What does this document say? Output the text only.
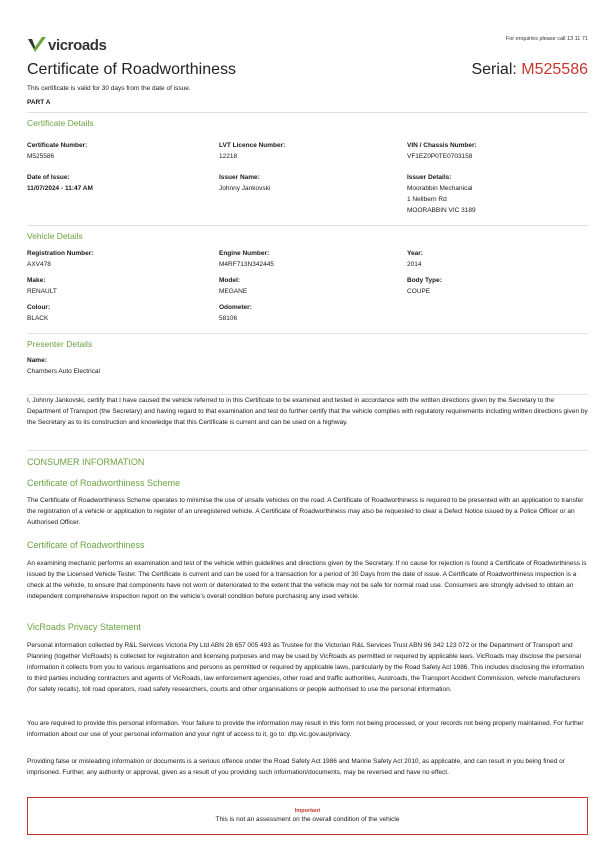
vicroads	For enquiries please call 13 11 71
Certificate of Roadworthiness	Serial: M525586
This certificate is valid for 30 days from the date of issue.
PART A
Certificate Details
Certificate Number:
M525586
LVT Licence Number:
12218
VIN / Chassis Number:
VF1EZ0P0TE0703158
Date of Issue:
11/07/2024 - 11:47 AM
Issuer Name:
Johnny Jankovski
Issuer Details:
Moorabbin Mechanical
1 Nellbern Rd
MOORABBIN VIC 3189
Vehicle Details
Registration Number:
AXV478
Engine Number:
M4RF713N342445
Year:
2014
Make:
RENAULT
Model:
MEGANE
Body Type:
COUPE
Colour:
BLACK
Odometer:
58106
Presenter Details
Name:
Chambers Auto Electrical
I, Johnny Jankovski, certify that I have caused the vehicle referred to in this Certificate to be examined and tested in accordance with the written directions given by the Secretary to the Department of Transport (the Secretary) and having regard to that examination and test do further certify that the vehicle complies with regulatory requirements including written directions given by the Secretary as to its construction and knowledge that this Certificate is current and can be used on a highway.
CONSUMER INFORMATION
Certificate of Roadworthiness Scheme
The Certificate of Roadworthiness Scheme operates to minimise the use of unsafe vehicles on the road. A Certificate of Roadworthiness is required to be presented with an application to transfer the registration of a vehicle or application to register of an unregistered vehicle. A Certificate of Roadworthiness may also be requested to clear a Defect Notice issued by a Police Officer or an Authorised Officer.
Certificate of Roadworthiness
An examining mechanic performs an examination and test of the vehicle within guidelines and directions given by the Secretary. If no cause for rejection is found a Certificate of Roadworthiness is issued by the Licensed Vehicle Tester. The Certificate is current and can be used for a transaction for a period of 30 Days from the date of issue. A Certificate of Roadworthiness inspection is a check at the vehicle, to ensure that components have not worn or deteriorated to the extent that the vehicle may not be safe for normal road use. Consumers are strongly advised to obtain an independent comprehensive inspection report on the vehicle's overall condition before purchasing any used vehicle.
VicRoads Privacy Statement
Personal information collected by R&L Services Victoria Pty Ltd ABN 28 657 005 493 as Trustee for the Victorian R&L Services Trust ABN 96 342 123 072 or the Department of Transport and Planning (together VicRoads) is collected for registration and licensing purposes and may be used by VicRoads as permitted or required by applicable laws. VicRoads may disclose the personal information it collects from you to various organisations and persons as permitted or required by applicable laws, particularly by the Road Safety Act 1986. This includes disclosing the information to third parties including contractors and agents of VicRoads, law enforcement agencies, other road and traffic authorities, Austroads, the Transport Accident Commission, vehicle manufacturers (for safety recalls), toll road operators, road safety researchers, courts and other organisations or people authorised to use the personal information.
You are required to provide this personal information. Your failure to provide the information may result in this form not being processed, or your records not being properly maintained. For further information about our use of your personal information and your right of access to it, go to: dtp.vic.gov.au/privacy.
Providing false or misleading information or documents is a serious offence under the Road Safety Act 1986 and Marine Safety Act 2010, as applicable, and can result in you being fined or imprisoned. Further, any authority or approval, given as a result of you providing such information/documents, may be reversed and have no effect.
Important
This is not an assessment on the overall condition of the vehicle
